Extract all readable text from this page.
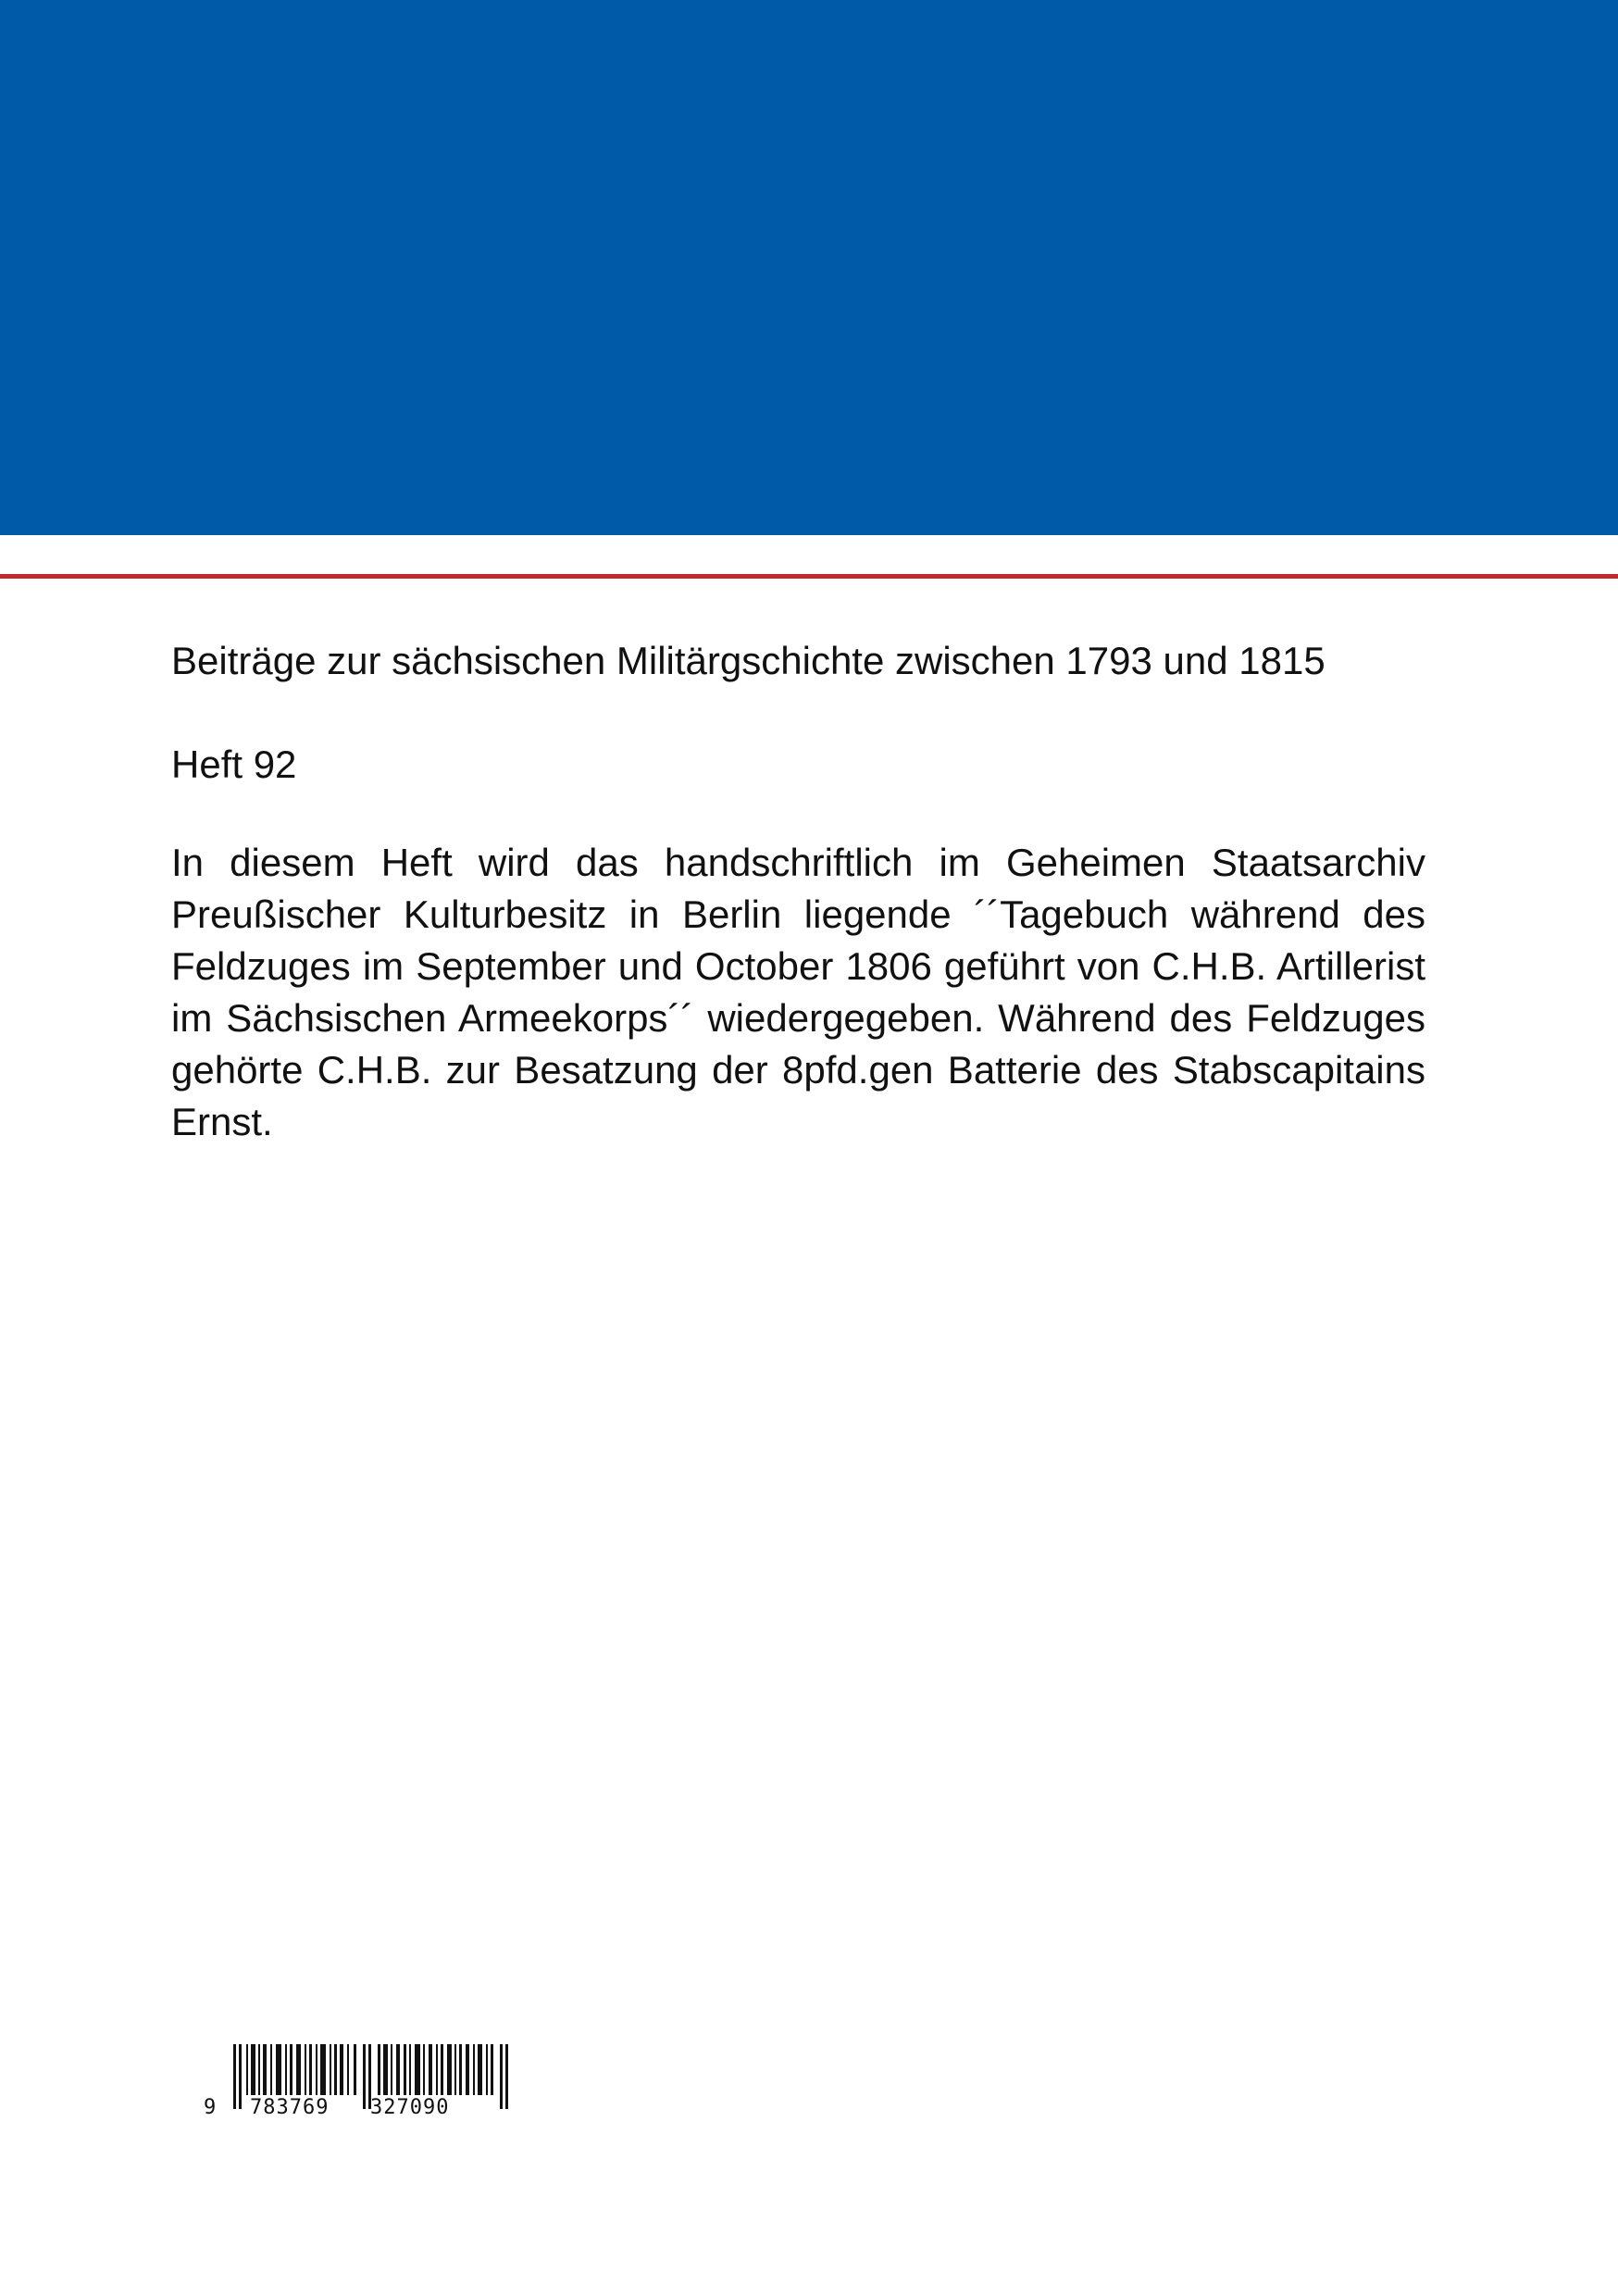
Beiträge zur sächsischen Militärgschichte zwischen 1793 und 1815

Heft 92

In diesem Heft wird das handschriftlich im Geheimen Staatsarchiv Preußischer Kulturbesitz in Berlin liegende ´´Tagebuch während des Feldzuges im September und October 1806 geführt von C.H.B. Artillerist im Sächsischen Armeekorps´´ wiedergegeben. Während des Feldzuges gehörte C.H.B. zur Besatzung der 8pfd.gen Batterie des Stabscapitains Ernst.

9 783769 327090
